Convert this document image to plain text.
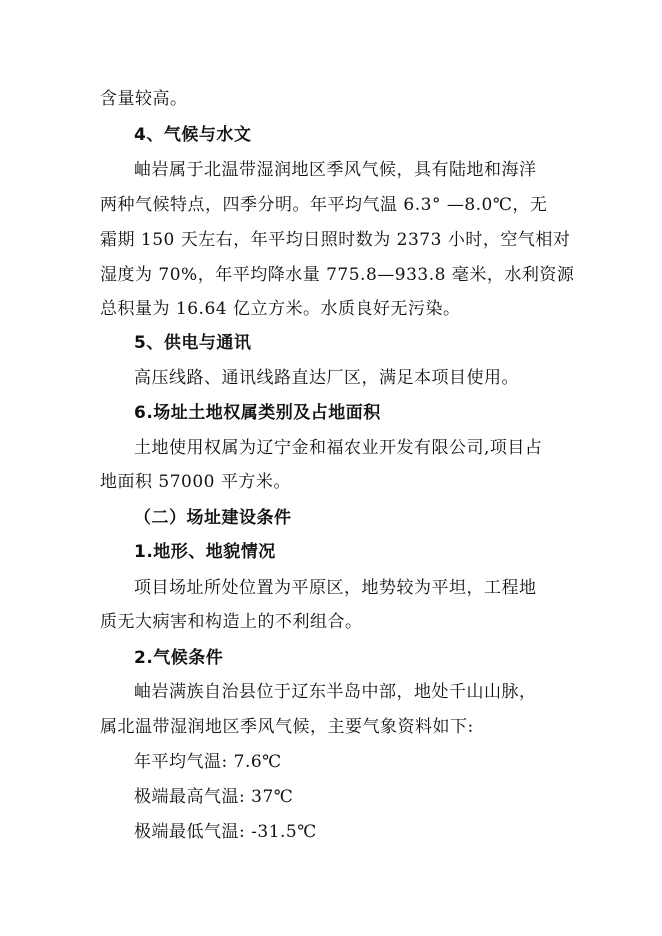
含量较高。
4、气候与水文
岫岩属于北温带湿润地区季风气候，具有陆地和海洋
两种气候特点，四季分明。年平均气温 6.3° —8.0℃，无
霜期 150 天左右，年平均日照时数为 2373 小时，空气相对
湿度为 70%，年平均降水量 775.8—933.8 毫米，水利资源
总积量为 16.64 亿立方米。水质良好无污染。
5、供电与通讯
高压线路、通讯线路直达厂区，满足本项目使用。
6.场址土地权属类别及占地面积
土地使用权属为辽宁金和福农业开发有限公司,项目占
地面积 57000 平方米。
（二）场址建设条件
1.地形、地貌情况
项目场址所处位置为平原区，地势较为平坦，工程地
质无大病害和构造上的不利组合。
2.气候条件
岫岩满族自治县位于辽东半岛中部，地处千山山脉，
属北温带湿润地区季风气候，主要气象资料如下:
年平均气温: 7.6℃
极端最高气温: 37℃
极端最低气温: -31.5℃
